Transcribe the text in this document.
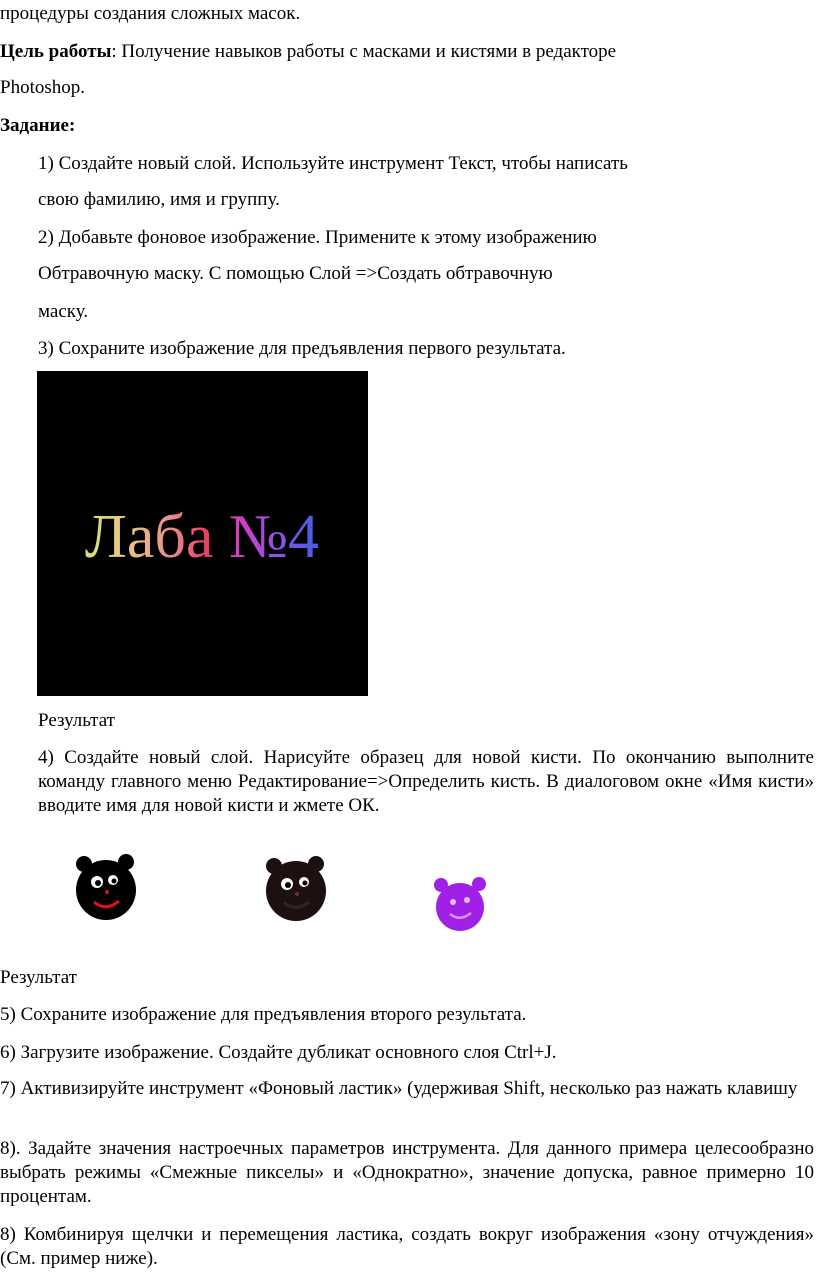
процедуры создания сложных масок.
Цель работы: Получение навыков работы с масками и кистями в редакторе
Photoshop.
Задание:
1) Создайте новый слой. Используйте инструмент Текст, чтобы написать
свою фамилию, имя и группу.
2) Добавьте фоновое изображение. Примените к этому изображению
Обтравочную маску. С помощью Слой =>Создать обтравочную
маску.
3) Сохраните изображение для предъявления первого результата.
Лаба №4
Результат
4) Создайте новый слой. Нарисуйте образец для новой кисти. По окончанию выполните команду главного меню Редактирование=>Определить кисть. В диалоговом окне «Имя кисти» вводите имя для новой кисти и жмете ОК.
Результат
5) Сохраните изображение для предъявления второго результата.
6) Загрузите изображение. Создайте дубликат основного слоя Ctrl+J.
7) Активизируйте инструмент «Фоновый ластик» (удерживая Shift, несколько раз нажать клавишу
8). Задайте значения настроечных параметров инструмента. Для данного примера целесообразно выбрать режимы «Смежные пикселы» и «Однократно», значение допуска, равное примерно 10 процентам.
8) Комбинируя щелчки и перемещения ластика, создать вокруг изображения «зону отчуждения» (См. пример ниже).
